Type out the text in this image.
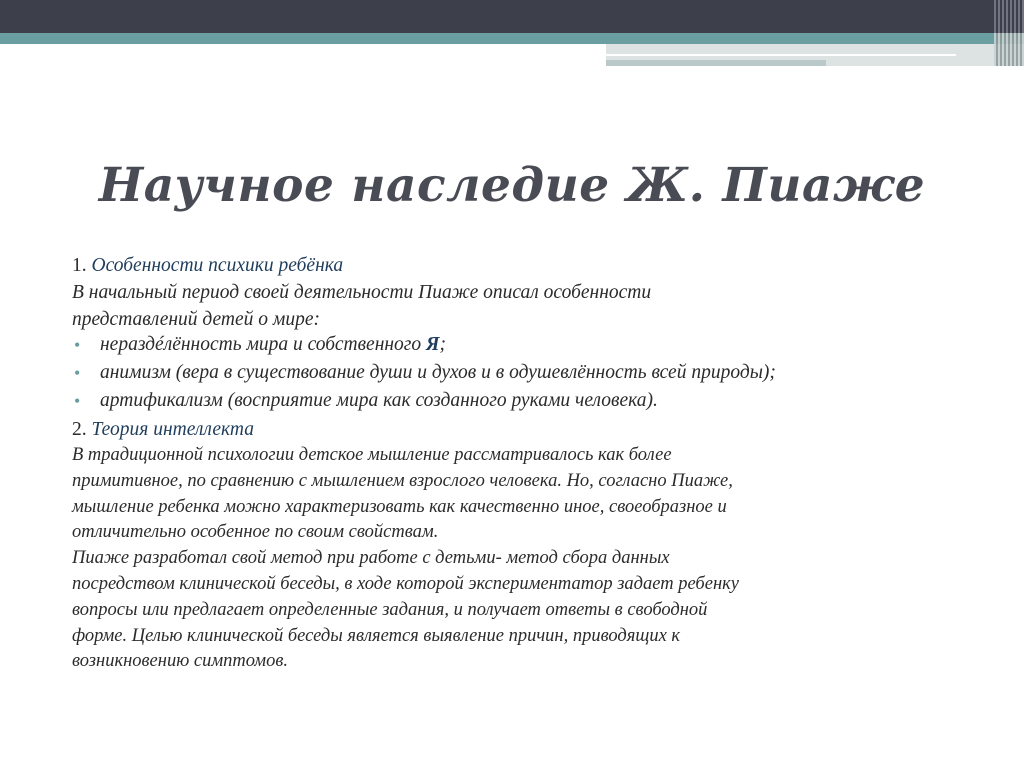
Научное наследие Ж. Пиаже
1. Особенности психики ребёнка
В начальный период своей деятельности Пиаже описал особенности
представлений детей о мире:
• нераздéлённость мира и собственного Я;
• анимизм (вера в существование души и духов и в одушевлённость всей природы);
• артификализм (восприятие мира как созданного руками человека).
2. Теория интеллекта
В традиционной психологии детское мышление рассматривалось как более
примитивное, по сравнению с мышлением взрослого человека. Но, согласно Пиаже,
мышление ребенка можно характеризовать как качественно иное, своеобразное и
отличительно особенное по своим свойствам.
Пиаже разработал свой метод при работе с детьми- метод сбора данных
посредством клинической беседы, в ходе которой экспериментатор задает ребенку
вопросы или предлагает определенные задания, и получает ответы в свободной
форме. Целью клинической беседы является выявление причин, приводящих к
возникновению симптомов.
